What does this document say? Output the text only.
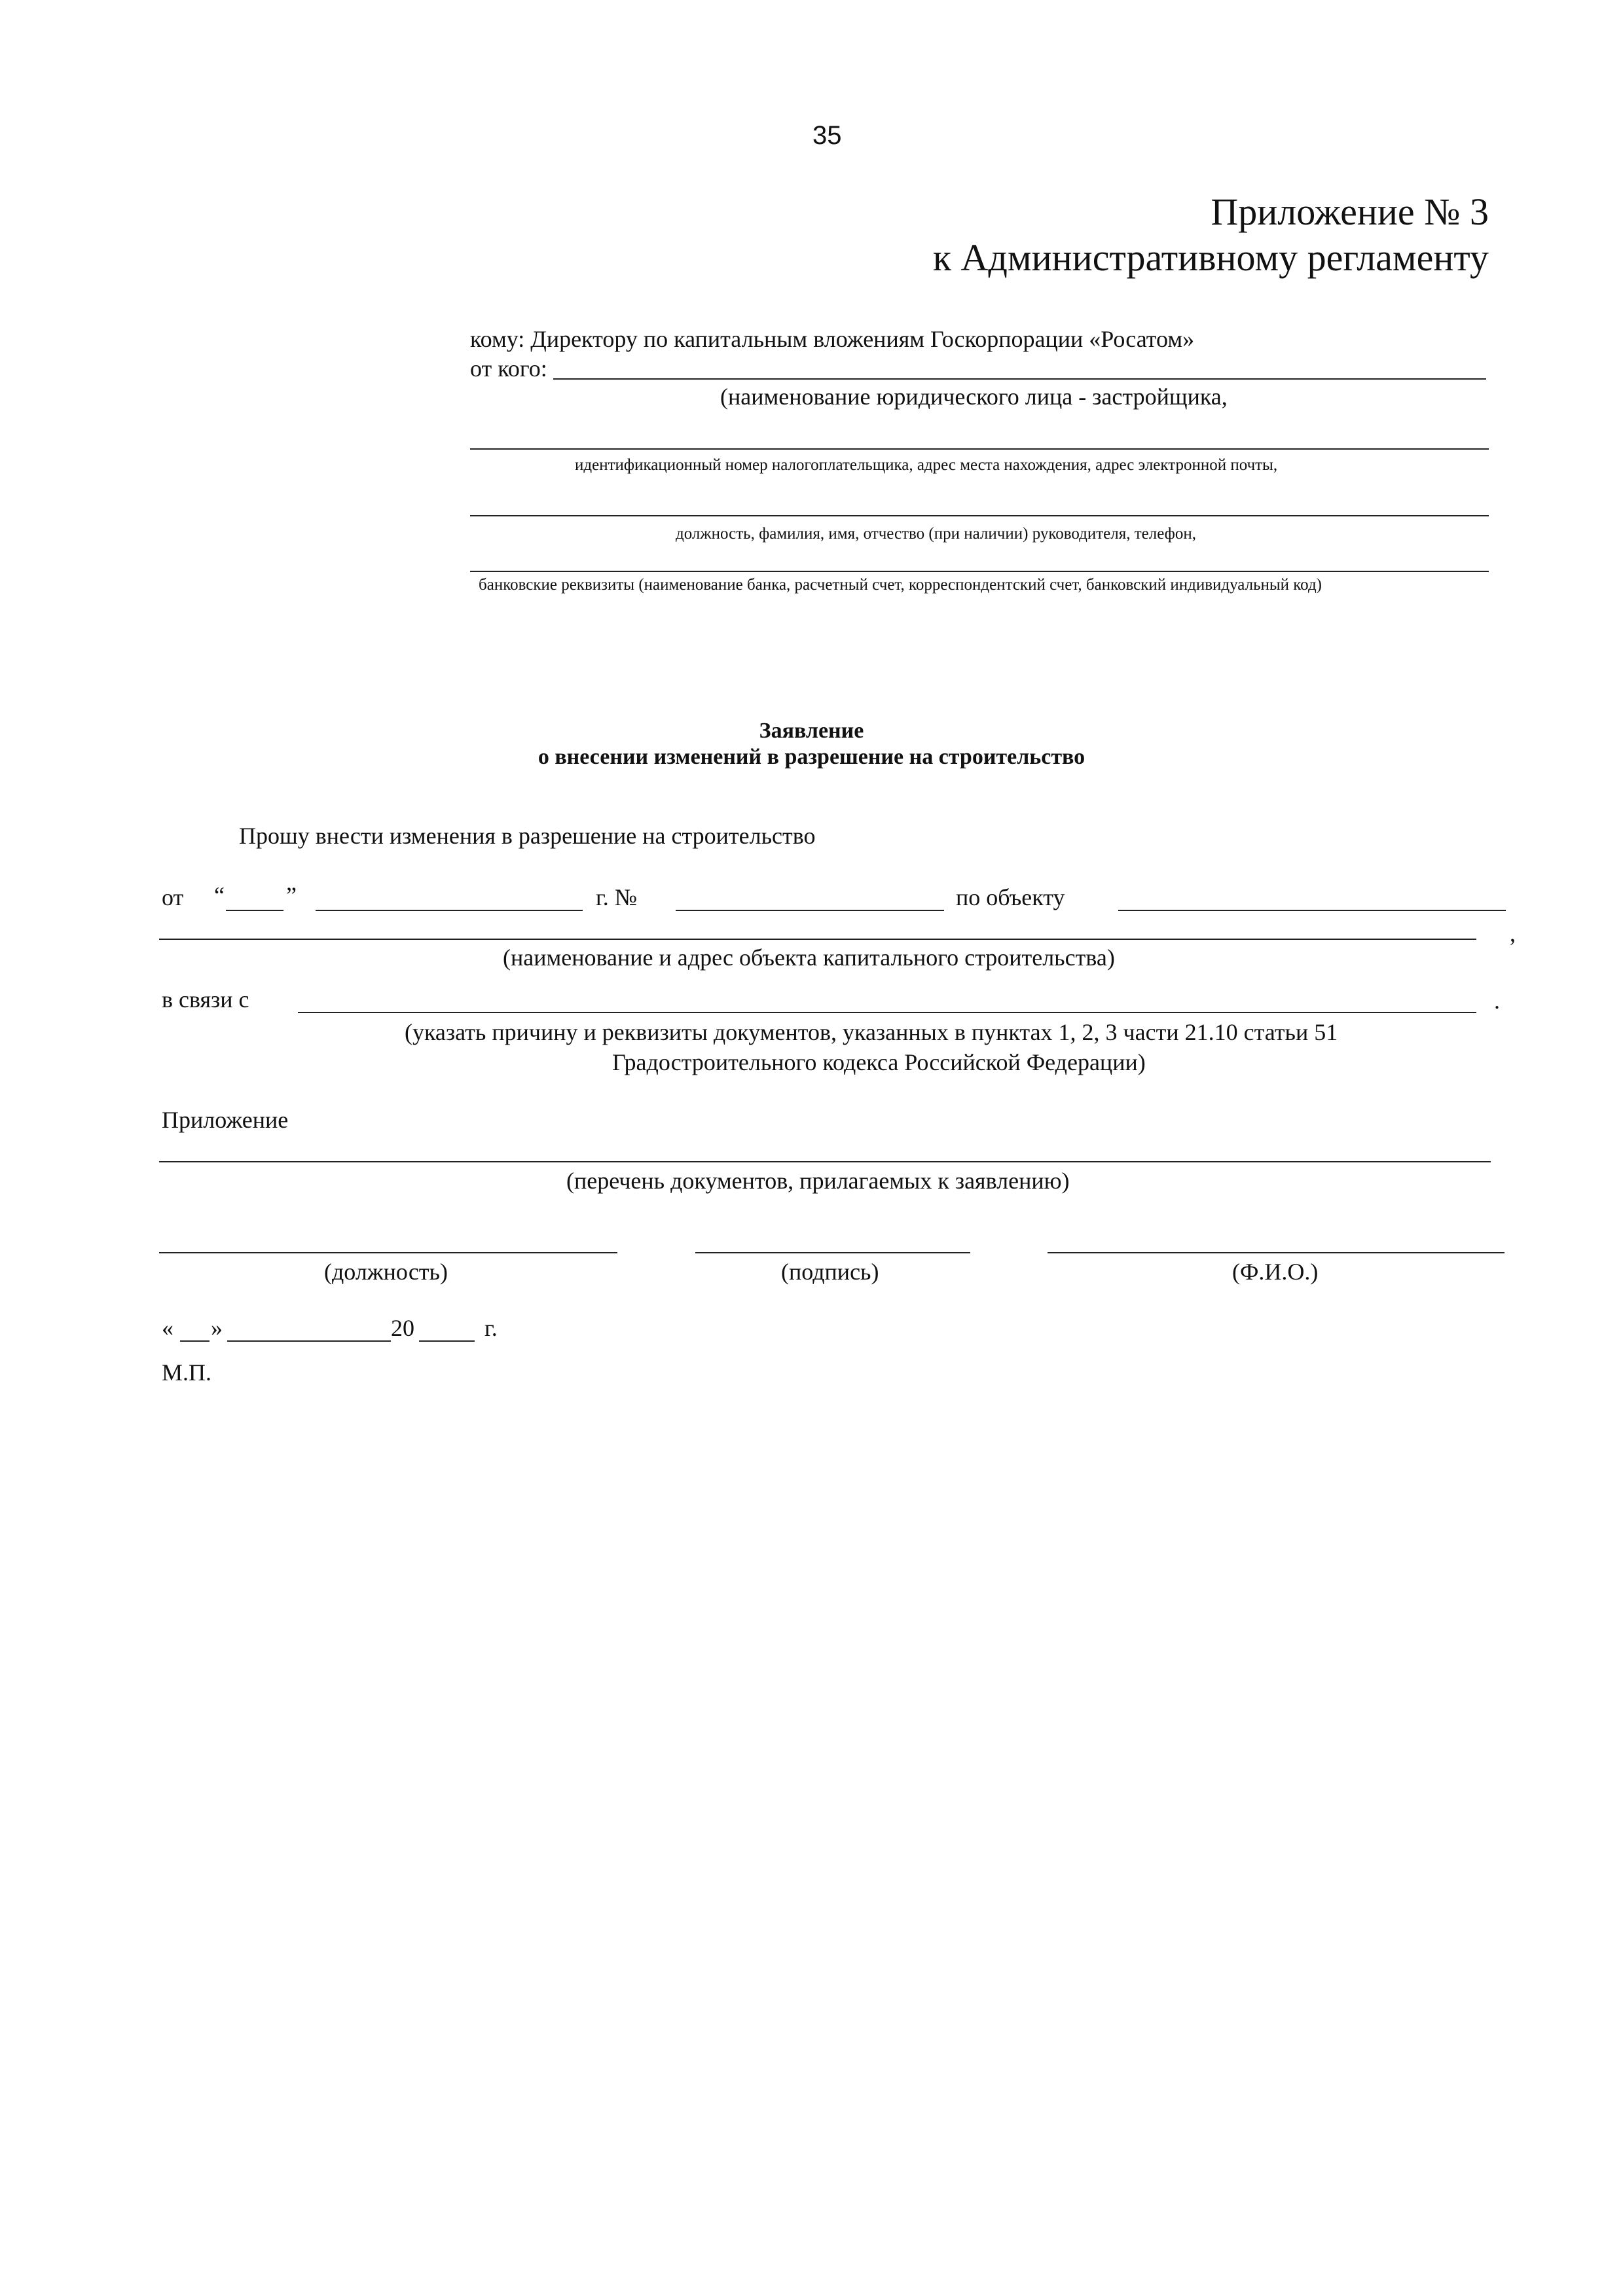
35
Приложение № 3
к Административному регламенту
кому: Директору по капитальным вложениям Госкорпорации «Росатом»
от кого:
(наименование юридического лица - застройщика,
идентификационный номер налогоплательщика, адрес места нахождения, адрес электронной почты,
должность, фамилия, имя, отчество (при наличии) руководителя, телефон,
банковские реквизиты (наименование банка, расчетный счет, корреспондентский счет, банковский индивидуальный код)
Заявление
о внесении изменений в разрешение на строительство
Прошу внести изменения в разрешение на строительство
от “	”	г. №	по объекту
,
(наименование и адрес объекта капитального строительства)
в связи с	.
(указать причину и реквизиты документов, указанных в пунктах 1, 2, 3 части 21.10 статьи 51
Градостроительного кодекса Российской Федерации)
Приложение
(перечень документов, прилагаемых к заявлению)
(должность)	(подпись)	(Ф.И.О.)
« »	20	г.
М.П.
